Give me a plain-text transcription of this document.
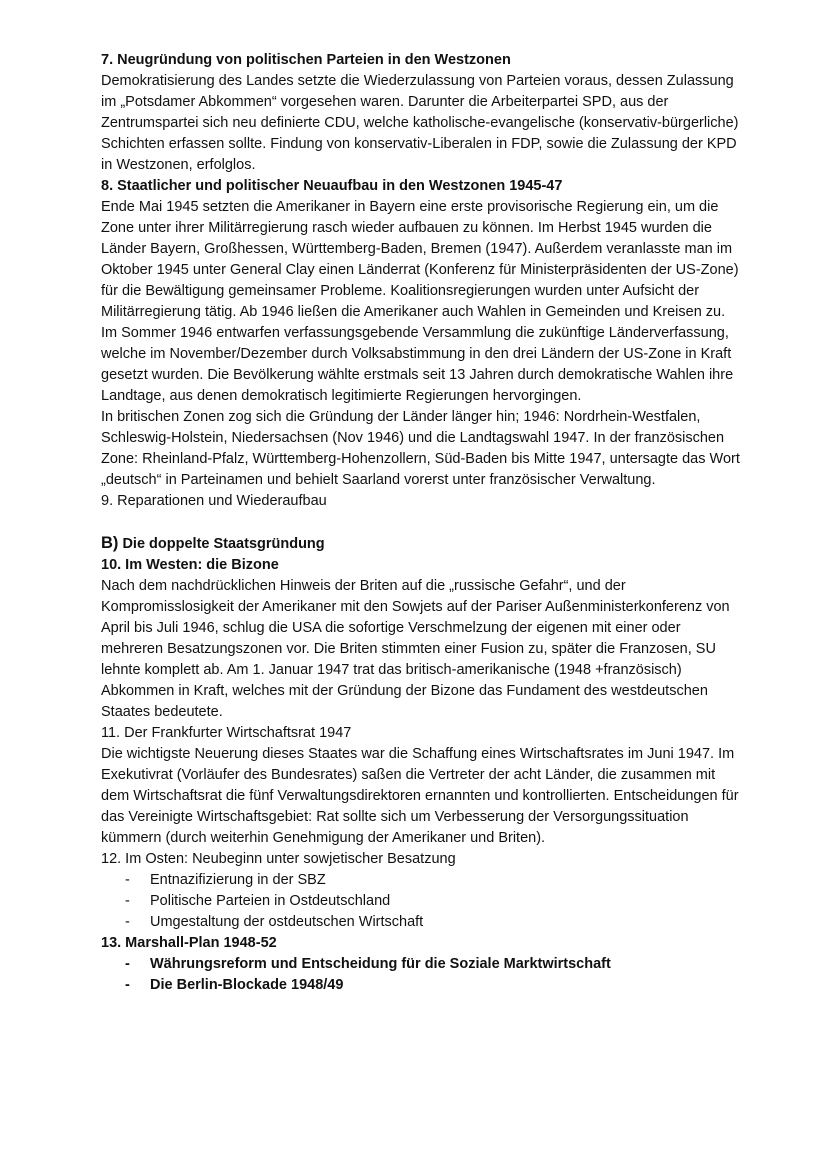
7. Neugründung von politischen Parteien in den Westzonen

Demokratisierung des Landes setzte die Wiederzulassung von Parteien voraus, dessen Zulassung im „Potsdamer Abkommen“ vorgesehen waren. Darunter die Arbeiterpartei SPD, aus der Zentrumspartei sich neu definierte CDU, welche katholische-evangelische (konservativ-bürgerliche) Schichten erfassen sollte. Findung von konservativ-Liberalen in FDP, sowie die Zulassung der KPD in Westzonen, erfolglos.

8. Staatlicher und politischer Neuaufbau in den Westzonen 1945-47

Ende Mai 1945 setzten die Amerikaner in Bayern eine erste provisorische Regierung ein, um die Zone unter ihrer Militärregierung rasch wieder aufbauen zu können. Im Herbst 1945 wurden die Länder Bayern, Großhessen, Württemberg-Baden, Bremen (1947). Außerdem veranlasste man im Oktober 1945 unter General Clay einen Länderrat (Konferenz für Ministerpräsidenten der US-Zone) für die Bewältigung gemeinsamer Probleme. Koalitionsregierungen wurden unter Aufsicht der Militärregierung tätig. Ab 1946 ließen die Amerikaner auch Wahlen in Gemeinden und Kreisen zu. Im Sommer 1946 entwarfen verfassungsgebende Versammlung die zukünftige Länderverfassung, welche im November/Dezember durch Volksabstimmung in den drei Ländern der US-Zone in Kraft gesetzt wurden. Die Bevölkerung wählte erstmals seit 13 Jahren durch demokratische Wahlen ihre Landtage, aus denen demokratisch legitimierte Regierungen hervorgingen.

In britischen Zonen zog sich die Gründung der Länder länger hin; 1946: Nordrhein-Westfalen, Schleswig-Holstein, Niedersachsen (Nov 1946) und die Landtagswahl 1947. In der französischen Zone: Rheinland-Pfalz, Württemberg-Hohenzollern, Süd-Baden bis Mitte 1947, untersagte das Wort „deutsch“ in Parteinamen und behielt Saarland vorerst unter französischer Verwaltung.

9. Reparationen und Wiederaufbau

B) Die doppelte Staatsgründung

10. Im Westen: die Bizone

Nach dem nachdrücklichen Hinweis der Briten auf die „russische Gefahr“, und der Kompromisslosigkeit der Amerikaner mit den Sowjets auf der Pariser Außenministerkonferenz von April bis Juli 1946, schlug die USA die sofortige Verschmelzung der eigenen mit einer oder mehreren Besatzungszonen vor. Die Briten stimmten einer Fusion zu, später die Franzosen, SU lehnte komplett ab. Am 1. Januar 1947 trat das britisch-amerikanische (1948 +französisch) Abkommen in Kraft, welches mit der Gründung der Bizone das Fundament des westdeutschen Staates bedeutete.

11. Der Frankfurter Wirtschaftsrat 1947

Die wichtigste Neuerung dieses Staates war die Schaffung eines Wirtschaftsrates im Juni 1947. Im Exekutivrat (Vorläufer des Bundesrates) saßen die Vertreter der acht Länder, die zusammen mit dem Wirtschaftsrat die fünf Verwaltungsdirektoren ernannten und kontrollierten. Entscheidungen für das Vereinigte Wirtschaftsgebiet: Rat sollte sich um Verbesserung der Versorgungssituation kümmern (durch weiterhin Genehmigung der Amerikaner und Briten).

12. Im Osten: Neubeginn unter sowjetischer Besatzung

- Entnazifizierung in der SBZ
- Politische Parteien in Ostdeutschland
- Umgestaltung der ostdeutschen Wirtschaft

13. Marshall-Plan 1948-52

- Währungsreform und Entscheidung für die Soziale Marktwirtschaft
- Die Berlin-Blockade 1948/49
